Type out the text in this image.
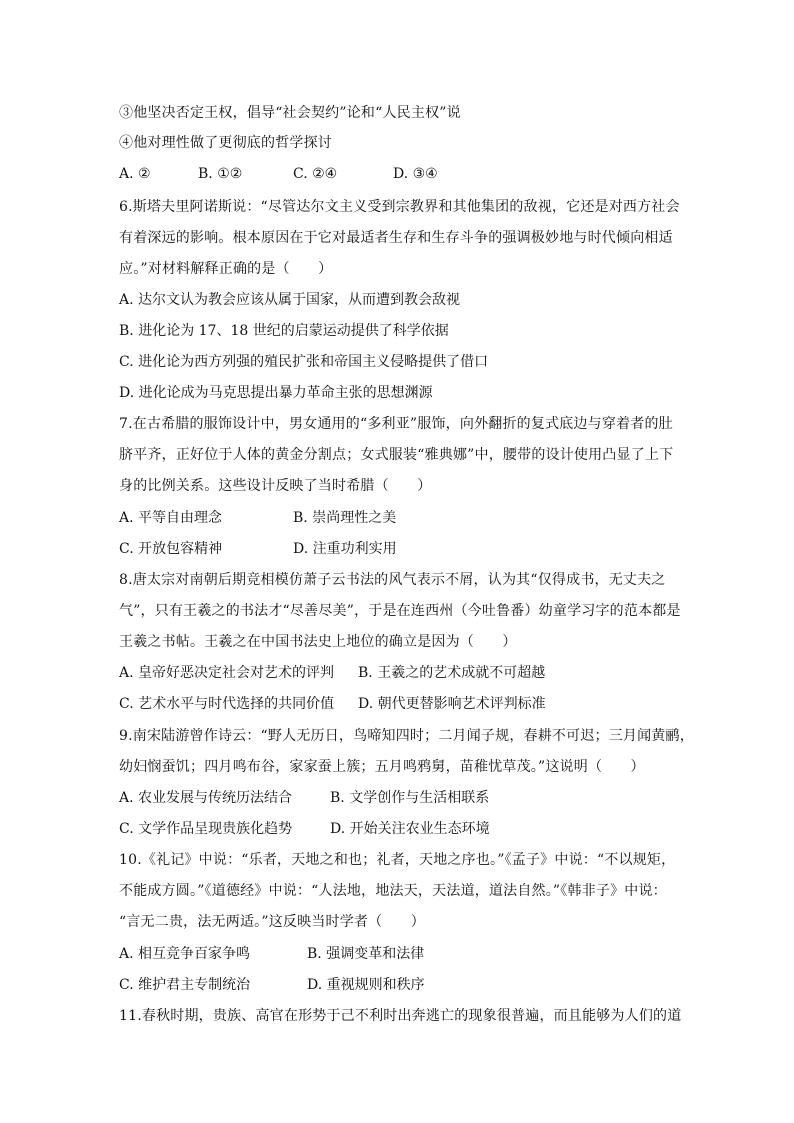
③他坚决否定王权，倡导“社会契约”论和“人民主权”说
④他对理性做了更彻底的哲学探讨
A. ②	B. ①②	C. ②④	D. ③④
6.斯塔夫里阿诺斯说：“尽管达尔文主义受到宗教界和其他集团的敌视，它还是对西方社会
有着深远的影响。根本原因在于它对最适者生存和生存斗争的强调极妙地与时代倾向相适
应。”对材料解释正确的是（　　）
A. 达尔文认为教会应该从属于国家，从而遭到教会敌视
B. 进化论为 17、18 世纪的启蒙运动提供了科学依据
C. 进化论为西方列强的殖民扩张和帝国主义侵略提供了借口
D. 进化论成为马克思提出暴力革命主张的思想渊源
7.在古希腊的服饰设计中，男女通用的“多利亚”服饰，向外翻折的复式底边与穿着者的肚
脐平齐，正好位于人体的黄金分割点；女式服装“雅典娜”中，腰带的设计使用凸显了上下
身的比例关系。这些设计反映了当时希腊（　　）
A. 平等自由理念	B. 崇尚理性之美
C. 开放包容精神	D. 注重功利实用
8.唐太宗对南朝后期竞相模仿萧子云书法的风气表示不屑，认为其“仅得成书，无丈夫之
气”，只有王羲之的书法才“尽善尽美”，于是在连西州（今吐鲁番）幼童学习字的范本都是
王羲之书帖。王羲之在中国书法史上地位的确立是因为（　　）
A. 皇帝好恶决定社会对艺术的评判 B. 王羲之的艺术成就不可超越
C. 艺术水平与时代选择的共同价值 D. 朝代更替影响艺术评判标准
9.南宋陆游曾作诗云：“野人无历日，鸟啼知四时；二月闻子规，春耕不可迟；三月闻黄鹂，
幼妇悯蚕饥；四月鸣布谷，家家蚕上簇；五月鸣鸦舅，苗稚忧草茂。”这说明（　　）
A. 农业发展与传统历法结合	B. 文学创作与生活相联系
C. 文学作品呈现贵族化趋势	D. 开始关注农业生态环境
10.《礼记》中说：“乐者，天地之和也；礼者，天地之序也。”《孟子》中说：“不以规矩，
不能成方圆。”《道德经》中说：“人法地，地法天，天法道，道法自然。”《韩非子》中说：
“言无二贵，法无两适。”这反映当时学者（　　）
A. 相互竞争百家争鸣	B. 强调变革和法律
C. 维护君主专制统治	D. 重视规则和秩序
11.春秋时期，贵族、高官在形势于己不利时出奔逃亡的现象很普遍，而且能够为人们的道
